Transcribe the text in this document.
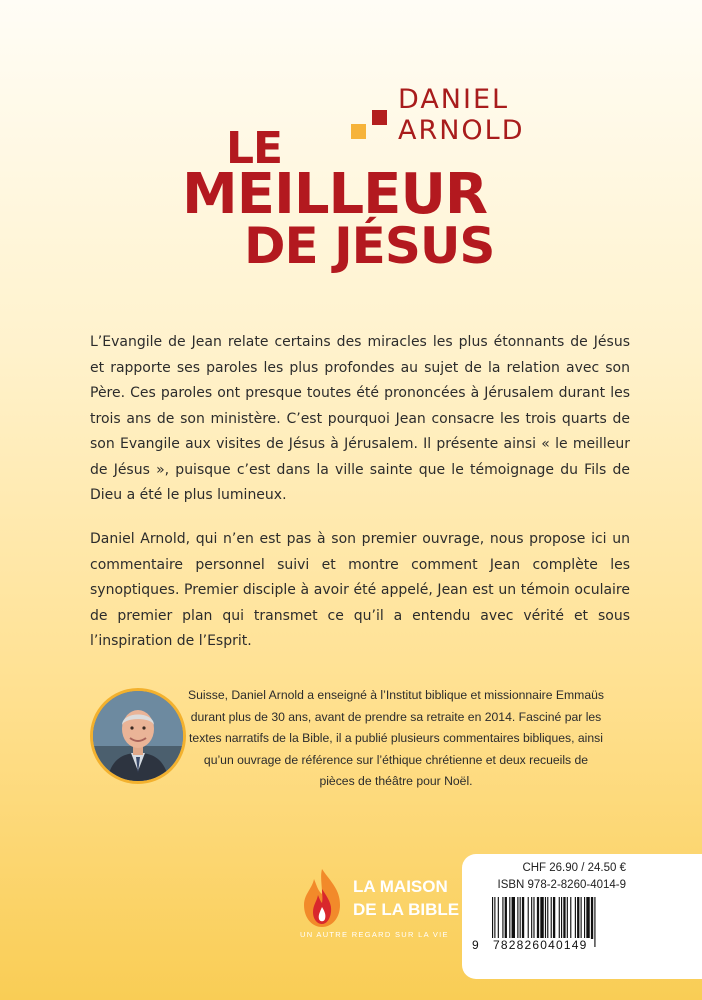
DANIEL
ARNOLD
LE
MEILLEUR
DE JÉSUS

L’Evangile de Jean relate certains des miracles les plus étonnants de Jésus et rapporte ses paroles les plus profondes au sujet de la relation avec son Père. Ces paroles ont presque toutes été prononcées à Jérusalem durant les trois ans de son ministère. C’est pourquoi Jean consacre les trois quarts de son Evangile aux visites de Jésus à Jérusalem. Il présente ainsi « le meilleur de Jésus », puisque c’est dans la ville sainte que le témoignage du Fils de Dieu a été le plus lumineux.

Daniel Arnold, qui n’en est pas à son premier ouvrage, nous propose ici un commentaire personnel suivi et montre comment Jean complète les synoptiques. Premier disciple à avoir été appelé, Jean est un témoin oculaire de premier plan qui transmet ce qu’il a entendu avec vérité et sous l’inspiration de l’Esprit.

Suisse, Daniel Arnold a enseigné à l’Institut biblique et missionnaire Emmaüs durant plus de 30 ans, avant de prendre sa retraite en 2014. Fasciné par les textes narratifs de la Bible, il a publié plusieurs commentaires bibliques, ainsi qu’un ouvrage de référence sur l’éthique chrétienne et deux recueils de pièces de théâtre pour Noël.

LA MAISON
DE LA BIBLE
UN AUTRE REGARD SUR LA VIE
CHF 26.90 / 24.50 €
ISBN 978-2-8260-4014-9
9 782826040149
